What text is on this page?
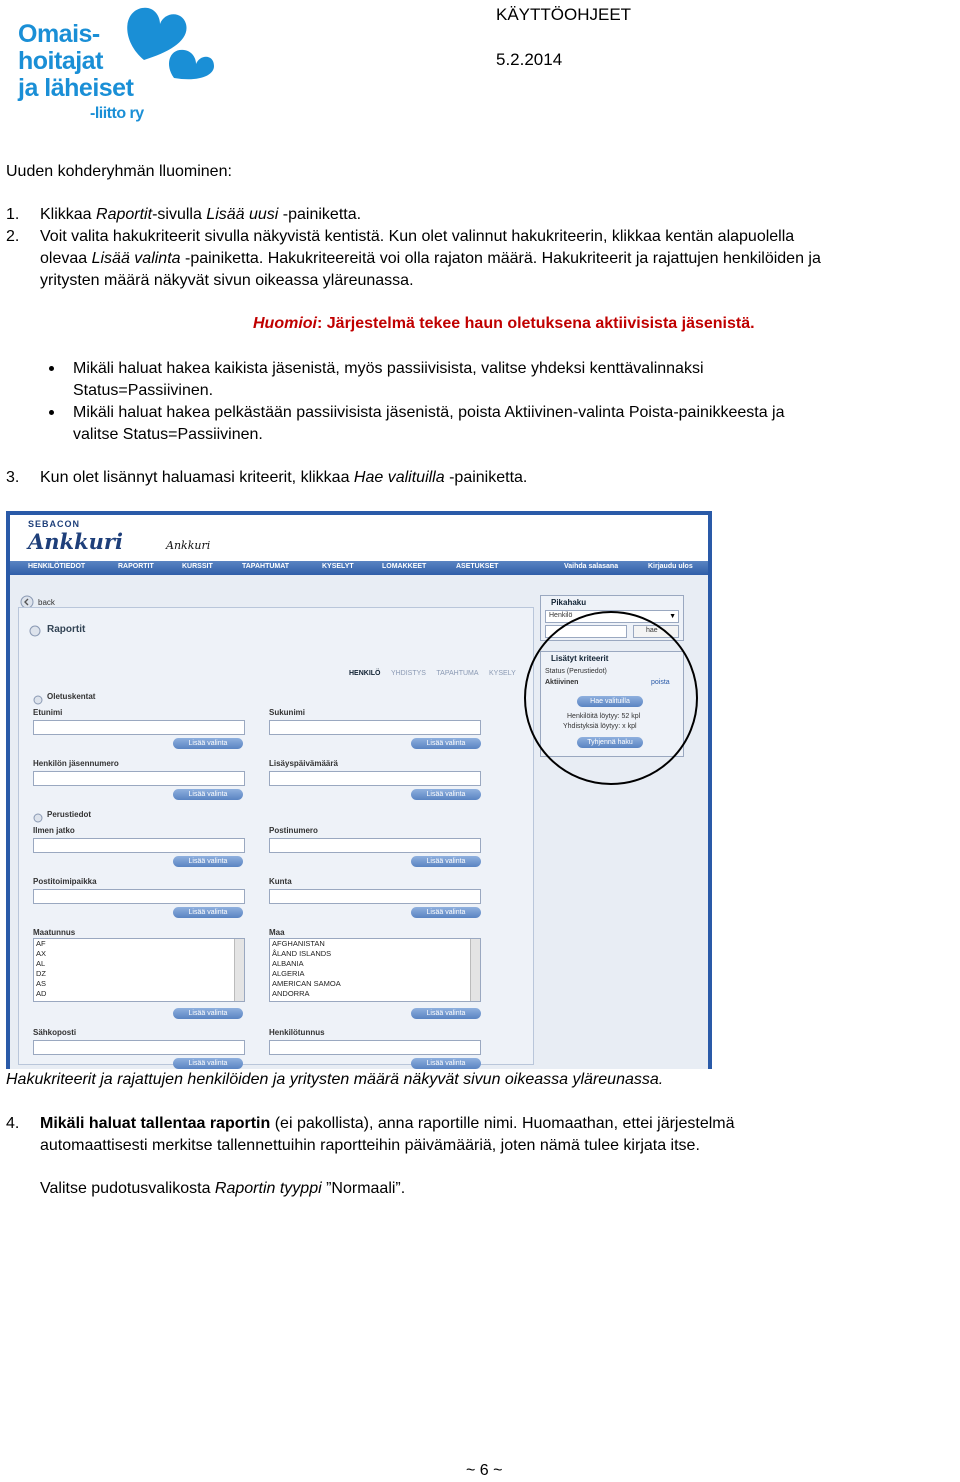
Omais-
hoitajat
ja läheiset
-liitto ry
KÄYTTÖOHJEET
5.2.2014
Uuden kohderyhmän lluominen:
1. Klikkaa Raportit-sivulla Lisää uusi -painiketta.
2. Voit valita hakukriteerit sivulla näkyvistä kentistä. Kun olet valinnut hakukriteerin, klikkaa kentän alapuolella
olevaa Lisää valinta -painiketta. Hakukriteereitä voi olla rajaton määrä. Hakukriteerit ja rajattujen henkilöiden ja
yritysten määrä näkyvät sivun oikeassa yläreunassa.
Huomioi: Järjestelmä tekee haun oletuksena aktiivisista jäsenistä.
Mikäli haluat hakea kaikista jäsenistä, myös passiivisista, valitse yhdeksi kenttävalinnaksi
Status=Passiivinen.
Mikäli haluat hakea pelkästään passiivisista jäsenistä, poista Aktiivinen-valinta Poista-painikkeesta ja
valitse Status=Passiivinen.
3. Kun olet lisännyt haluamasi kriteerit, klikkaa Hae valituilla -painiketta.
SEBACON
Ankkuri	Ankkuri
HENKILÖTIEDOT	RAPORTIT	KURSSIT	TAPAHTUMAT	KYSELYT	LOMAKKEET	ASETUKSET	Vaihda salasana	Kirjaudu ulos
back
Raportit
HENKILÖ YHDISTYS TAPAHTUMA KYSELY
Oletuskentat
Etunimi
Lisää valinta
Sukunimi
Lisää valinta
Henkilön jäsennumero
Lisää valinta
Lisäyspäivämäärä
Lisää valinta
Perustiedot
Ilmen jatko
Lisää valinta
Postinumero
Lisää valinta
Postitoimipaikka
Lisää valinta
Kunta
Lisää valinta
Maatunnus
AF
AX
AL
DZ
AS
AD
Lisää valinta
Maa
AFGHANISTAN
ÅLAND ISLANDS
ALBANIA
ALGERIA
AMERICAN SAMOA
ANDORRA
Lisää valinta
Sähkoposti	Henkilötunnus
Lisää valinta	Lisää valinta
Pikahaku
Henkilö	▼
hae
Lisätyt kriteerit
Status (Perustiedot)
Aktiivinen	poista
Hae valituilla
Henkilöitä löytyy: 52 kpl
Yhdistyksiä löytyy: x kpl
Tyhjennä haku
Hakukriteerit ja rajattujen henkilöiden ja yritysten määrä näkyvät sivun oikeassa yläreunassa.
4. Mikäli haluat tallentaa raportin (ei pakollista), anna raportille nimi. Huomaathan, ettei järjestelmä
automaattisesti merkitse tallennettuihin raportteihin päivämääriä, joten nämä tulee kirjata itse.
Valitse pudotusvalikosta Raportin tyyppi ”Normaali”.
~ 6 ~
